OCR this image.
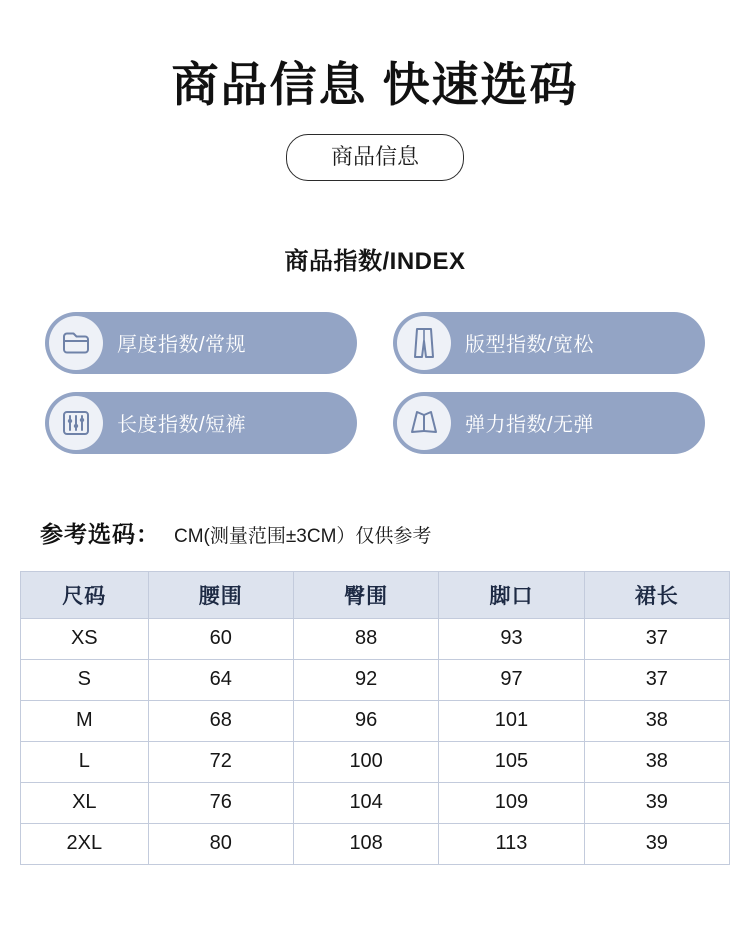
商品信息 快速选码
商品信息
商品指数/INDEX
厚度指数/常规	版型指数/宽松
长度指数/短裤	弹力指数/无弹
参考选码： CM(测量范围±3CM）仅供参考
尺码	腰围	臀围	脚口	裙长
XS	60	88	93	37
S	64	92	97	37
M	68	96	101	38
L	72	100	105	38
XL	76	104	109	39
2XL	80	108	113	39
